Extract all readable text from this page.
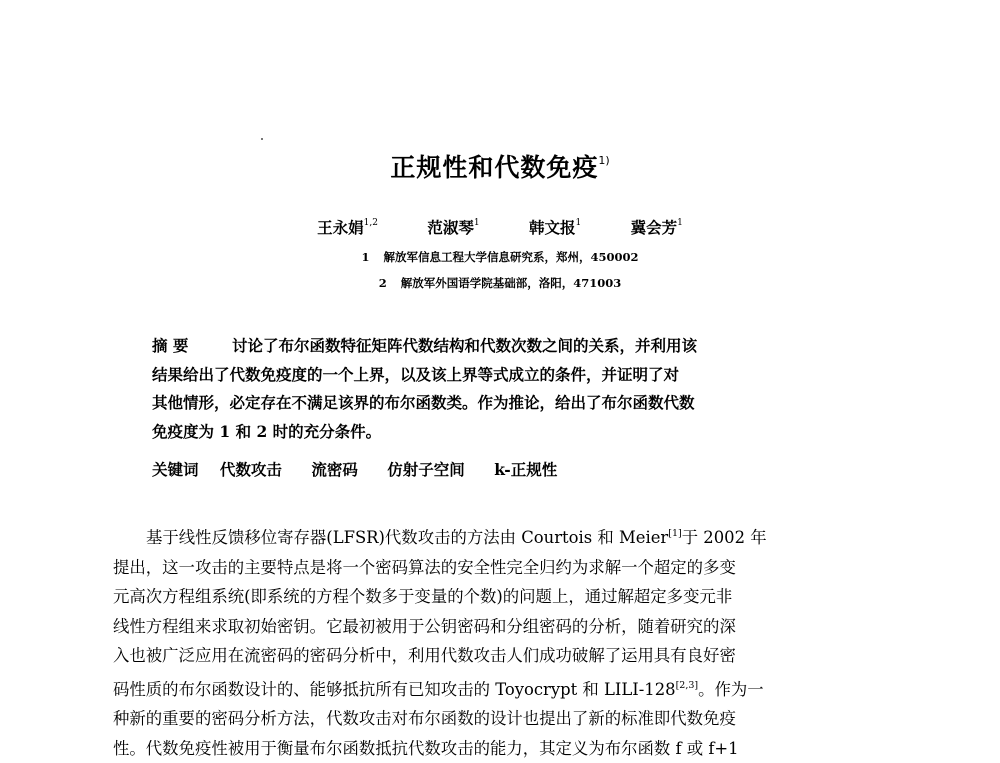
正规性和代数免疫$^{1)}$
王永娟$^{1,2}$	范淑琴$^1$	韩文报$^1$	冀会芳$^1$
1 解放军信息工程大学信息研究系，郑州，450002
2 解放军外国语学院基础部，洛阳，471003
摘 要	讨论了布尔函数特征矩阵代数结构和代数次数之间的关系，并利用该
结果给出了代数免疫度的一个上界，以及该上界等式成立的条件，并证明了对
其他情形，必定存在不满足该界的布尔函数类。作为推论，给出了布尔函数代数
免疫度为 1 和 2 时的充分条件。
关键词 代数攻击 流密码 仿射子空间 k-正规性
基于线性反馈移位寄存器(LFSR)代数攻击的方法由 Courtois 和 Meier[1]于 2002 年
提出，这一攻击的主要特点是将一个密码算法的安全性完全归约为求解一个超定的多变
元高次方程组系统(即系统的方程个数多于变量的个数)的问题上，通过解超定多变元非
线性方程组来求取初始密钥。它最初被用于公钥密码和分组密码的分析，随着研究的深
入也被广泛应用在流密码的密码分析中，利用代数攻击人们成功破解了运用具有良好密
码性质的布尔函数设计的、能够抵抗所有已知攻击的 Toyocrypt 和 LILI-128[2,3]。作为一
种新的重要的密码分析方法，代数攻击对布尔函数的设计也提出了新的标准即代数免疫
性。代数免疫性被用于衡量布尔函数抵抗代数攻击的能力，其定义为布尔函数 f 或 f+1
